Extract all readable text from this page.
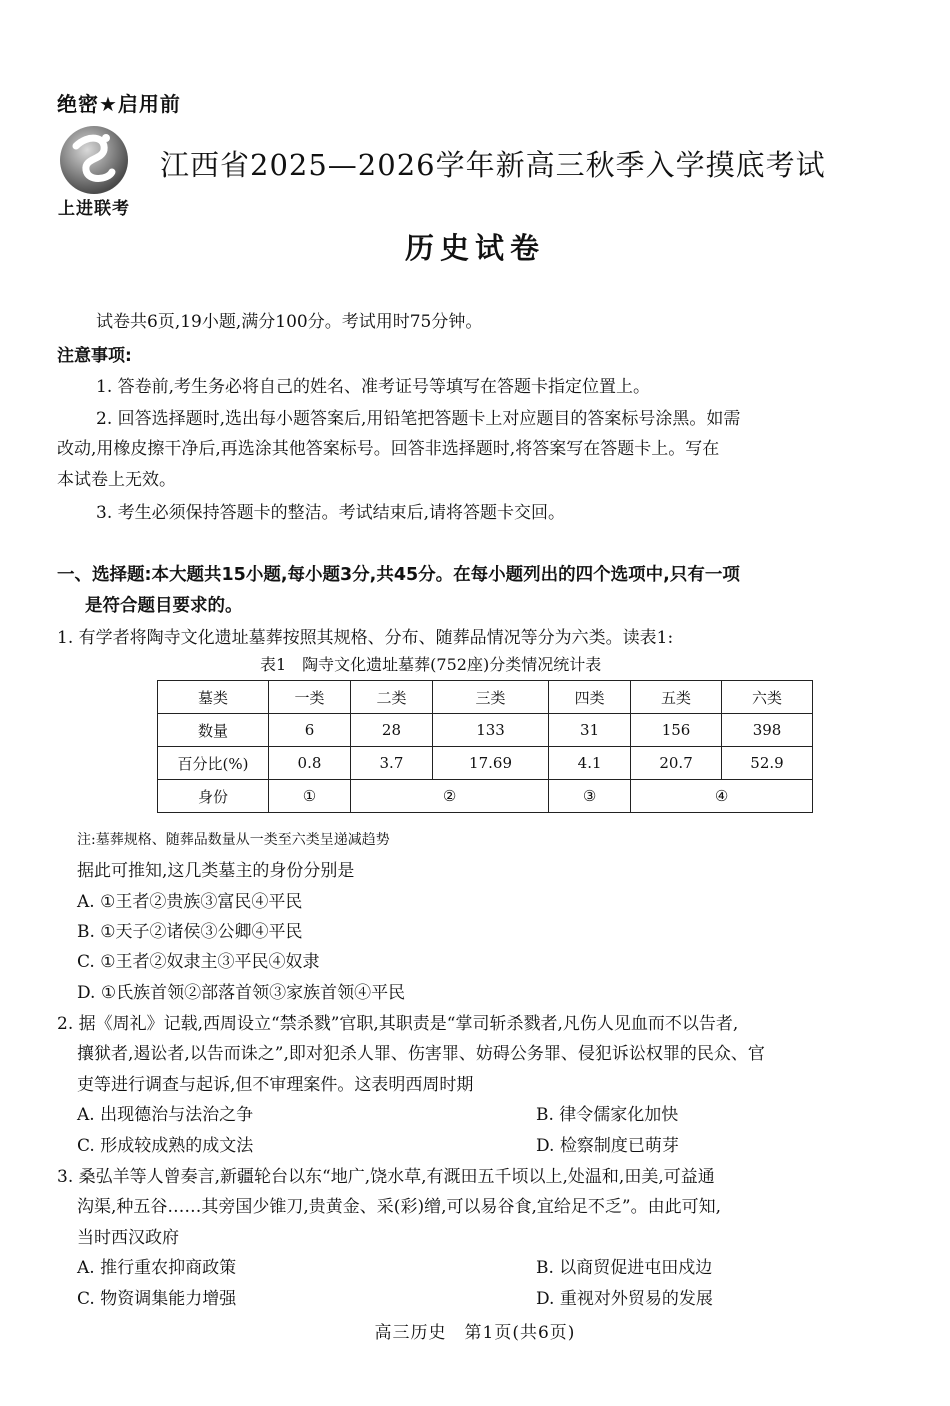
绝密★启用前
上进联考
江西省2025—2026学年新高三秋季入学摸底考试
历史试卷
试卷共6页,19小题,满分100分。考试用时75分钟。
注意事项:
1. 答卷前,考生务必将自己的姓名、准考证号等填写在答题卡指定位置上。
2. 回答选择题时,选出每小题答案后,用铅笔把答题卡上对应题目的答案标号涂黑。如需
改动,用橡皮擦干净后,再选涂其他答案标号。回答非选择题时,将答案写在答题卡上。写在
本试卷上无效。
3. 考生必须保持答题卡的整洁。考试结束后,请将答题卡交回。
一、选择题:本大题共15小题,每小题3分,共45分。在每小题列出的四个选项中,只有一项
是符合题目要求的。
1. 有学者将陶寺文化遗址墓葬按照其规格、分布、随葬品情况等分为六类。读表1:
表1　陶寺文化遗址墓葬(752座)分类情况统计表
墓类	一类	二类	三类	四类	五类	六类
数量	6	28	133	31	156	398
百分比(%)	0.8	3.7	17.69	4.1	20.7	52.9
身份	①	②		③	④	
注:墓葬规格、随葬品数量从一类至六类呈递减趋势
据此可推知,这几类墓主的身份分别是
A. ①王者②贵族③富民④平民
B. ①天子②诸侯③公卿④平民
C. ①王者②奴隶主③平民④奴隶
D. ①氏族首领②部落首领③家族首领④平民
2. 据《周礼》记载,西周设立“禁杀戮”官职,其职责是“掌司斩杀戮者,凡伤人见血而不以告者,
攘狱者,遏讼者,以告而诛之”,即对犯杀人罪、伤害罪、妨碍公务罪、侵犯诉讼权罪的民众、官
吏等进行调查与起诉,但不审理案件。这表明西周时期
A. 出现德治与法治之争	B. 律令儒家化加快
C. 形成较成熟的成文法	D. 检察制度已萌芽
3. 桑弘羊等人曾奏言,新疆轮台以东“地广,饶水草,有溉田五千顷以上,处温和,田美,可益通
沟渠,种五谷……其旁国少锥刀,贵黄金、采(彩)缯,可以易谷食,宜给足不乏”。由此可知,
当时西汉政府
A. 推行重农抑商政策	B. 以商贸促进屯田戍边
C. 物资调集能力增强	D. 重视对外贸易的发展
高三历史　第1页(共6页)
